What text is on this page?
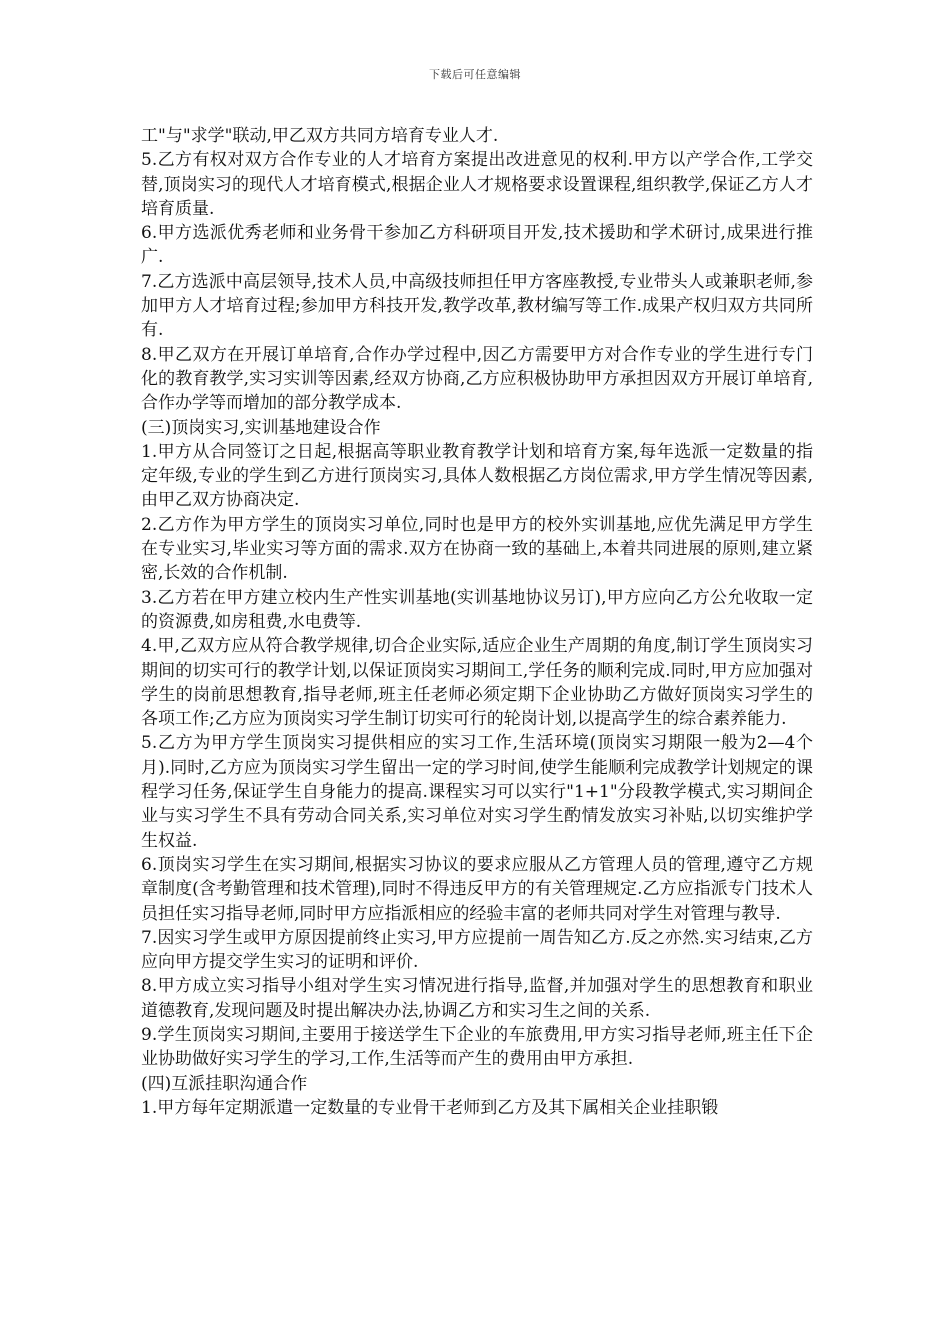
下载后可任意编辑

工"与"求学"联动,甲乙双方共同方培育专业人才.

5.乙方有权对双方合作专业的人才培育方案提出改进意见的权利.甲方以产学合作,工学交替,顶岗实习的现代人才培育模式,根据企业人才规格要求设置课程,组织教学,保证乙方人才培育质量.

6.甲方选派优秀老师和业务骨干参加乙方科研项目开发,技术援助和学术研讨,成果进行推广.

7.乙方选派中高层领导,技术人员,中高级技师担任甲方客座教授,专业带头人或兼职老师,参加甲方人才培育过程;参加甲方科技开发,教学改革,教材编写等工作.成果产权归双方共同所有.

8.甲乙双方在开展订单培育,合作办学过程中,因乙方需要甲方对合作专业的学生进行专门化的教育教学,实习实训等因素,经双方协商,乙方应积极协助甲方承担因双方开展订单培育,合作办学等而增加的部分教学成本.

(三)顶岗实习,实训基地建设合作

1.甲方从合同签订之日起,根据高等职业教育教学计划和培育方案,每年选派一定数量的指定年级,专业的学生到乙方进行顶岗实习,具体人数根据乙方岗位需求,甲方学生情况等因素,由甲乙双方协商决定.

2.乙方作为甲方学生的顶岗实习单位,同时也是甲方的校外实训基地,应优先满足甲方学生在专业实习,毕业实习等方面的需求.双方在协商一致的基础上,本着共同进展的原则,建立紧密,长效的合作机制.

3.乙方若在甲方建立校内生产性实训基地(实训基地协议另订),甲方应向乙方公允收取一定的资源费,如房租费,水电费等.

4.甲,乙双方应从符合教学规律,切合企业实际,适应企业生产周期的角度,制订学生顶岗实习期间的切实可行的教学计划,以保证顶岗实习期间工,学任务的顺利完成.同时,甲方应加强对学生的岗前思想教育,指导老师,班主任老师必须定期下企业协助乙方做好顶岗实习学生的各项工作;乙方应为顶岗实习学生制订切实可行的轮岗计划,以提高学生的综合素养能力.

5.乙方为甲方学生顶岗实习提供相应的实习工作,生活环境(顶岗实习期限一般为2—4个月).同时,乙方应为顶岗实习学生留出一定的学习时间,使学生能顺利完成教学计划规定的课程学习任务,保证学生自身能力的提高.课程实习可以实行"1+1"分段教学模式,实习期间企业与实习学生不具有劳动合同关系,实习单位对实习学生酌情发放实习补贴,以切实维护学生权益.

6.顶岗实习学生在实习期间,根据实习协议的要求应服从乙方管理人员的管理,遵守乙方规章制度(含考勤管理和技术管理),同时不得违反甲方的有关管理规定.乙方应指派专门技术人员担任实习指导老师,同时甲方应指派相应的经验丰富的老师共同对学生对管理与教导.

7.因实习学生或甲方原因提前终止实习,甲方应提前一周告知乙方.反之亦然.实习结束,乙方应向甲方提交学生实习的证明和评价.

8.甲方成立实习指导小组对学生实习情况进行指导,监督,并加强对学生的思想教育和职业道德教育,发现问题及时提出解决办法,协调乙方和实习生之间的关系.

9.学生顶岗实习期间,主要用于接送学生下企业的车旅费用,甲方实习指导老师,班主任下企业协助做好实习学生的学习,工作,生活等而产生的费用由甲方承担.

(四)互派挂职沟通合作

1.甲方每年定期派遣一定数量的专业骨干老师到乙方及其下属相关企业挂职锻
